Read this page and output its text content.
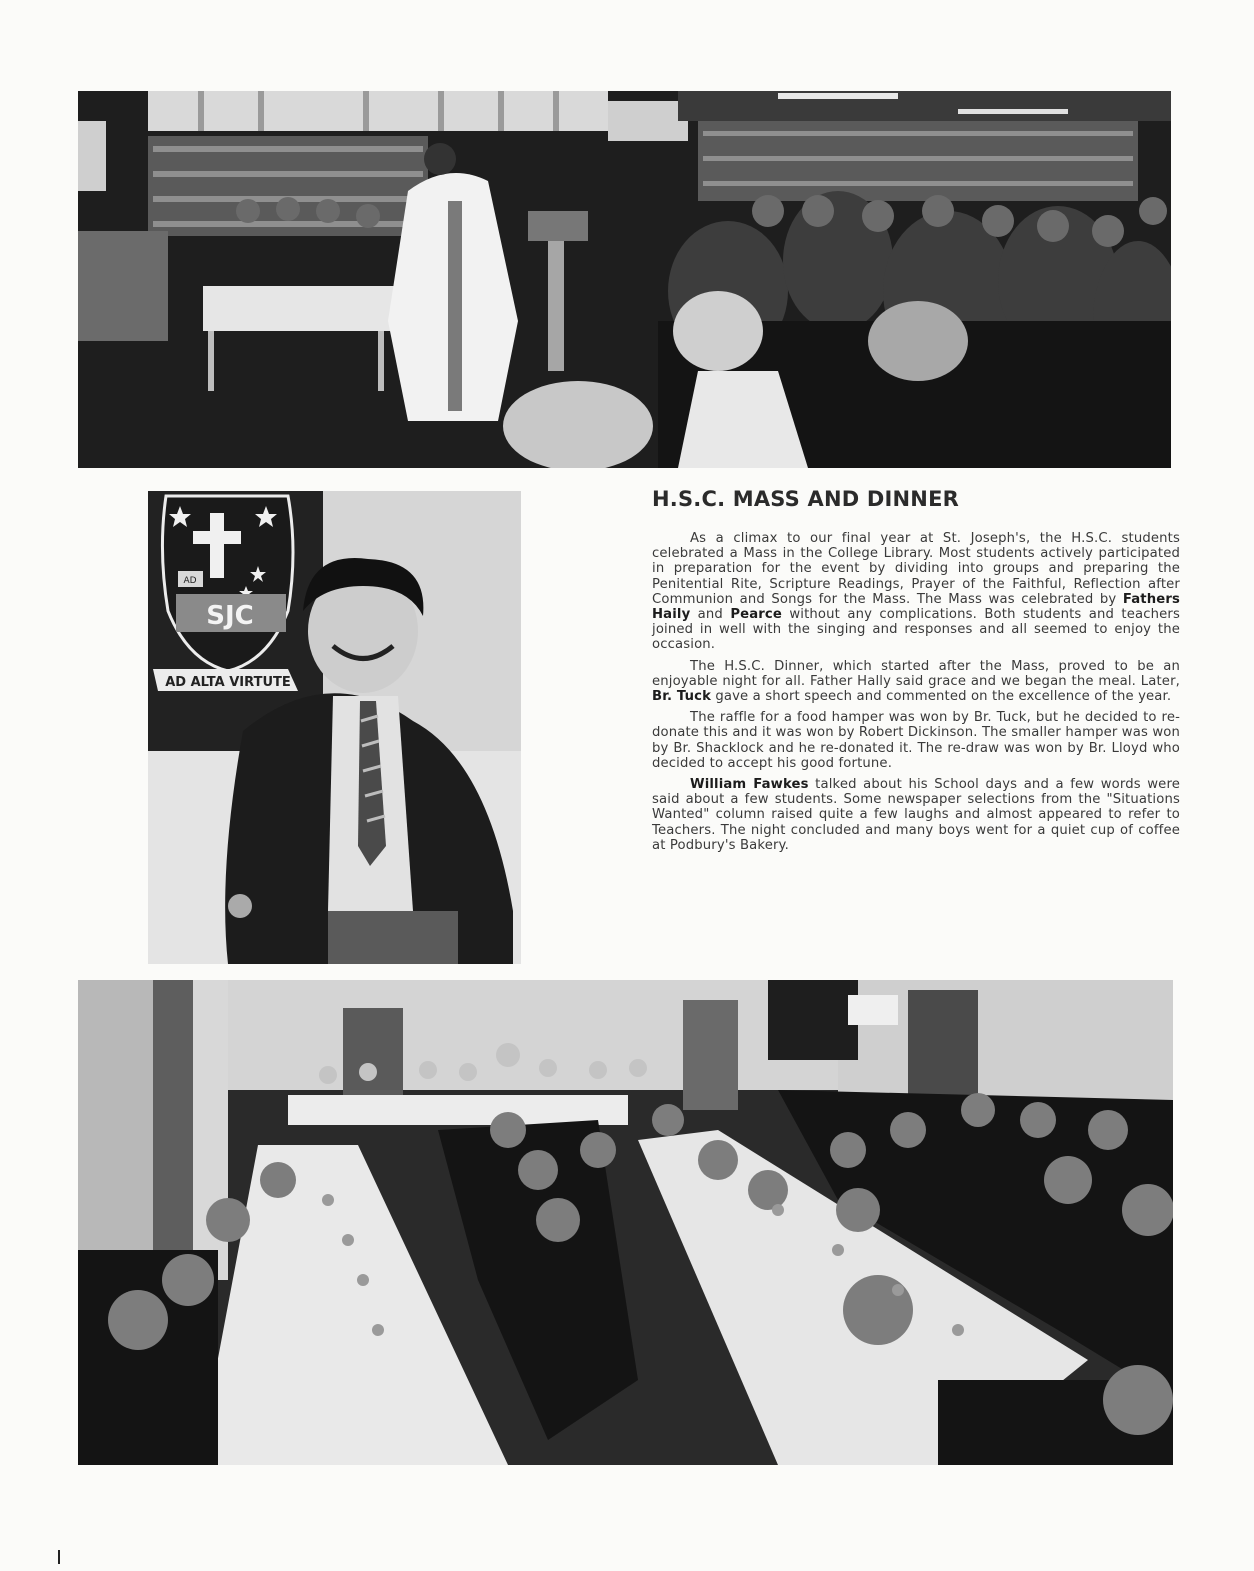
AD
SJC
AD ALTA VIRTUTE
H.S.C. MASS AND DINNER

As a climax to our final year at St. Joseph's, the H.S.C. students celebrated a Mass in the College Library. Most students actively participated in preparation for the event by dividing into groups and preparing the Penitential Rite, Scripture Readings, Prayer of the Faithful, Reflection after Communion and Songs for the Mass. The Mass was celebrated by Fathers Haily and Pearce without any complications. Both students and teachers joined in well with the singing and responses and all seemed to enjoy the occasion.

The H.S.C. Dinner, which started after the Mass, proved to be an enjoyable night for all. Father Hally said grace and we began the meal. Later, Br. Tuck gave a short speech and commented on the excellence of the year.

The raffle for a food hamper was won by Br. Tuck, but he decided to re-donate this and it was won by Robert Dickinson. The smaller hamper was won by Br. Shacklock and he re-donated it. The re-draw was won by Br. Lloyd who decided to accept his good fortune.

William Fawkes talked about his School days and a few words were said about a few students. Some newspaper selections from the "Situations Wanted" column raised quite a few laughs and almost appeared to refer to Teachers. The night concluded and many boys went for a quiet cup of coffee at Podbury's Bakery.
